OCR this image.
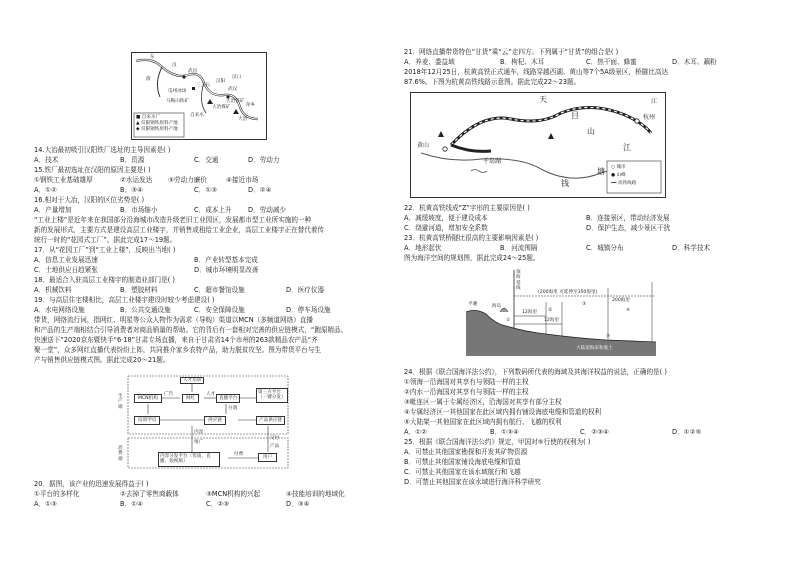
东
汉
渭
武昌
三三石
瓜州冰场	武汉
汉阳
汉口
大冶煤矿
大冶铁矿
马鞍山铁矿
自来水
萍乡
大冶
■ 自来水厂
▲ 仅限钢铁原料产地
◆ 仅限钢铁原料产地
14.大冶最初吸引汉阳铁厂选址的主导因素是( )
A．技术	B．资源	C．交通	D．劳动力
15.铁厂最初选址在汉阳的原因主要是( )
①钢铁工业基础雄厚	②水运发达 ③劳动力廉价	④接近市场
A．①②	B．③④	C．①③	D．②④
16.相对于大冶，汉阳的区位劣势是( )
A．产量增加	B．市场缩小	C．成本上升 D．劳动减少
“工业上楼”是近年来在我国部分沿海城市改造升级老旧工业园区，发展都市型工业所实施的一种
新的发展形式，主要方式是建设高层工业楼宇，并销售或租给工业企业，高层工业楼宇正在替代着传
统行一时的“花园式工厂”。据此完成17～19题。
17．从“花园工厂”到“工业上楼”，反映出当地( )
A．信息工业发展迅速	B．产业转型基本完成
C．土地供应日趋紧张	D．城市环境明显改善
18．最适合入驻高层工业楼宇的制造业部门是( )
A．机械饮料	B．塑胶材料	C．超市餐馆设施	D．医疗仪器
19．与高层住宅楼相比，高层工业楼宇建设时较少考虑建设( )
A．水电网络设施	B．公共交通设施	C．安全保障设施	D．停车场设施
带货，网络流行词，指网红、明星等公众人物作为需求（导购）渠道以MCN（多频道网络）直播
和产品的生产端相结合引导消费者对商品销量的帮助。它的背后有一套相对完善的供应链模式，“跑原精品、
快速送下”2020京东暨快手“6·18”甘肃专场直播，来自于甘肃省14个市州的263款精品农产品“齐
聚一堂”，众多网红直播代表纷纷上阵，共同推介家乡农特产品，助力脱贫攻坚。图为带货平台与生
产与销售供应链模式图。据此完成20～21题。
生产端
消费端
人才培训
MCN机构
广告
网红
人才
直播平台
第三方平台（一键分发）
分润
培训学员	供应链	产品供应链
内容
交付
产品
推广
内容分发平台（优质、直播、短视频）
付费
用户
20．据图，该产业的迅速发展得益于( )
①平台的多样化	②去掉了零售商载体	③MCN机构的兴起	④技能培训的地域化
A．①③	B．①④	C．②③	D．③④
21．网络直播带货特色“甘货”乘“云”走四方。下列属于“甘货”的组合是( )
A．养麦、娄益域	B．枸杞、木耳	C．热干面、蜂蜜	D．木耳、藕粉
2018年12月25日，杭黄高铁正式通车，线路穿越西湖、黄山等7个5A级景区，桥隧比高达
87.6%。下图为杭黄高铁线路示意图。据此完成22～23题。
天
目
山
杭州
江
黄山
千岛湖
钱
塘
江
○ 城市
● 山峰
━━ 高铁线路
22．杭黄高铁线成“Z”字形的主要原因是( )
A．减缓坡度，便于建设成本	B．连接景区，带动经济发展
C．绕避河道，增加安全系数	D．保护生态，减少景区干扰
23．杭黄高铁桥隧比很高的主要影响因素是( )
A．地形起伏	B．河流围隔	C．城镇分布	D．科学技术
图为海洋空间的规划图，据此完成24～25题。
领海基线
平潮
(200海里 可延伸至350海里)
200海里
12海里
12海里
大陆架海床和底土
海岛
①
②
③
④
⑤
24．根据《联合国海洋法公约》，下列数码所代表的海域及其海洋权益的说法，正确的是( )
①领海一沿海国对其享有与领陆一样的主权
②内水一沿海国对其享有与领陆一样的主权
③毗连区一属于专属经济区，沿海国对其享有部分主权
④专属经济区一其他国家在此区域内拥有铺设海底电缆和管道的权利
⑤大陆架一其他国家在此区域内拥有航行、飞越的权利
A．①②	B．①③④	C．②③④	D．①②⑤
25．根据《联合国海洋法公约》规定，甲国对⑤行使的权利为( )
A．可禁止其他国家勘探和开发其矿物资源
B．可禁止其他国家铺设海底电缆和管道
C．可禁止其他国家在该水域航行和飞越
D．可禁止其他国家在该水域进行海洋科学研究
